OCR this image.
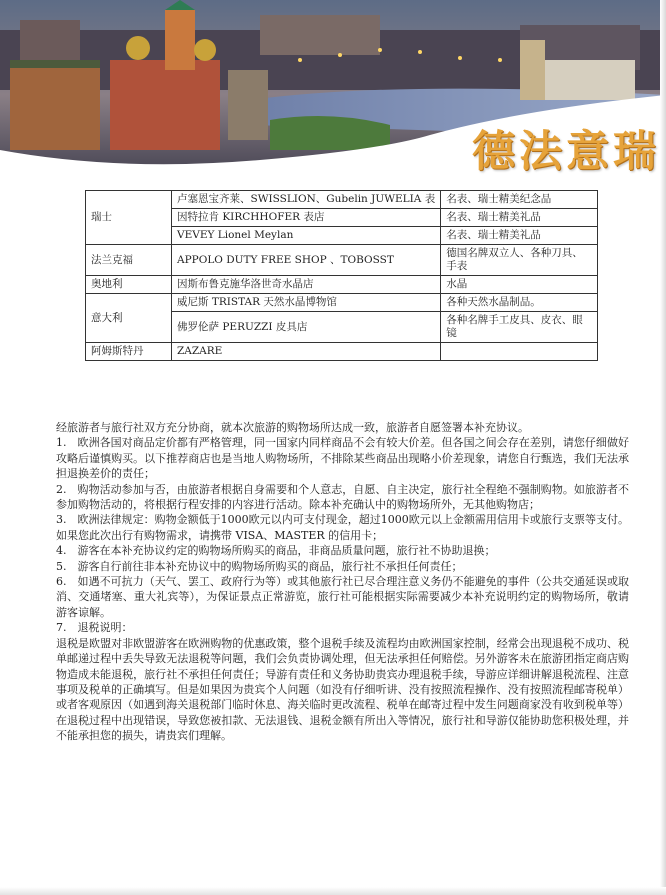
德法意瑞
瑞士	卢塞恩宝齐莱、SWISSLION、Gubelin JUWELIA 表	名表、瑞士精美纪念品
	因特拉肯 KIRCHHOFER 表店	名表、瑞士精美礼品
	VEVEY Lionel Meylan	名表、瑞士精美礼品
法兰克福	APPOLO DUTY FREE SHOP 、TOBOSST	德国名牌双立人、各种刀具、手表
奥地利	因斯布鲁克施华洛世奇水晶店	水晶
意大利	威尼斯 TRISTAR 天然水晶博物馆	各种天然水晶制品。
	佛罗伦萨 PERUZZI 皮具店	各种名牌手工皮具、皮衣、眼镜
阿姆斯特丹	ZAZARE	

经旅游者与旅行社双方充分协商，就本次旅游的购物场所达成一致，旅游者自愿签署本补充协议。

1.　欧洲各国对商品定价都有严格管理，同一国家内同样商品不会有较大价差。但各国之间会存在差别，请您仔细做好攻略后谨慎购买。以下推荐商店也是当地人购物场所，不排除某些商品出现略小价差现象，请您自行甄选，我们无法承担退换差价的责任；

2.　购物活动参加与否，由旅游者根据自身需要和个人意志，自愿、自主决定，旅行社全程绝不强制购物。如旅游者不参加购物活动的，将根据行程安排的内容进行活动。除本补充确认中的购物场所外，无其他购物店；

3.　欧洲法律规定：购物金额低于1000欧元以内可支付现金，超过1000欧元以上金额需用信用卡或旅行支票等支付。如果您此次出行有购物需求，请携带 VISA、MASTER 的信用卡；

4.　游客在本补充协议约定的购物场所购买的商品，非商品质量问题，旅行社不协助退换；

5.　游客自行前往非本补充协议中的购物场所购买的商品，旅行社不承担任何责任；

6.　如遇不可抗力（天气、罢工、政府行为等）或其他旅行社已尽合理注意义务仍不能避免的事件（公共交通延误或取消、交通堵塞、重大礼宾等），为保证景点正常游览，旅行社可能根据实际需要减少本补充说明约定的购物场所，敬请游客谅解。

7.　退税说明：

退税是欧盟对非欧盟游客在欧洲购物的优惠政策，整个退税手续及流程均由欧洲国家控制，经常会出现退税不成功、税单邮递过程中丢失导致无法退税等问题，我们会负责协调处理，但无法承担任何赔偿。另外游客未在旅游团指定商店购物造成未能退税，旅行社不承担任何责任；导游有责任和义务协助贵宾办理退税手续，导游应详细讲解退税流程、注意事项及税单的正确填写。但是如果因为贵宾个人问题（如没有仔细听讲、没有按照流程操作、没有按照流程邮寄税单）或者客观原因（如遇到海关退税部门临时休息、海关临时更改流程、税单在邮寄过程中发生问题商家没有收到税单等）在退税过程中出现错误，导致您被扣款、无法退钱、退税金额有所出入等情况，旅行社和导游仅能协助您积极处理，并不能承担您的损失，请贵宾们理解。
